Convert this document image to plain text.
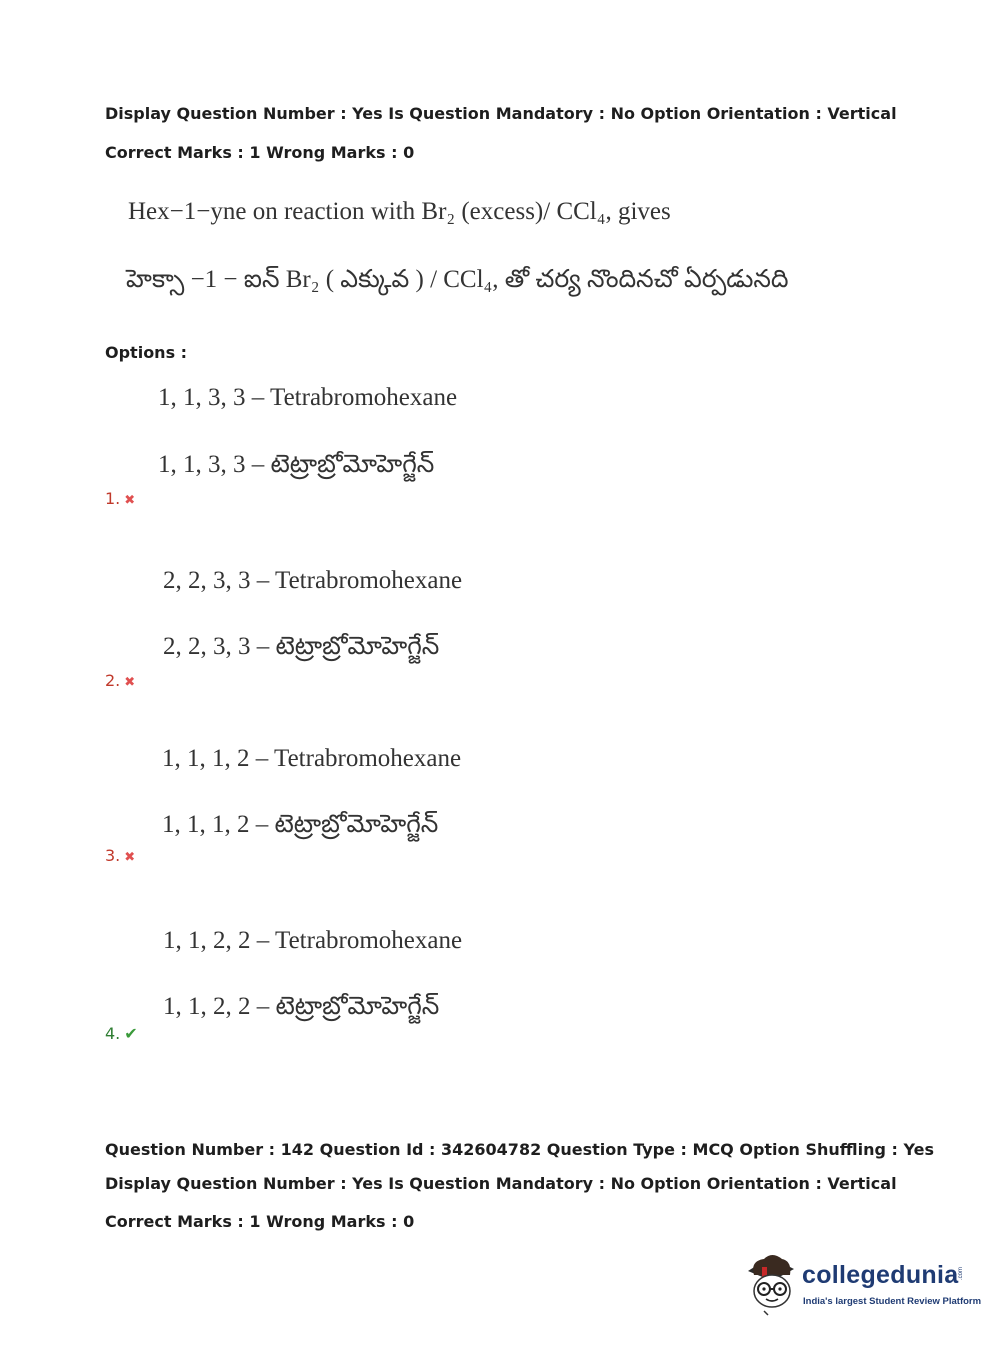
Display Question Number : Yes Is Question Mandatory : No Option Orientation : Vertical
Correct Marks : 1 Wrong Marks : 0
Hex−1−yne on reaction with Br₂ (excess)/ CCl₄, gives
హెక్సా −1 − ఐన్ Br₂ ( ఎక్కువ ) / CCl₄, తో చర్య నొందినచో ఏర్పడునది
Options :
1, 1, 3, 3 – Tetrabromohexane
1, 1, 3, 3 – టెట్రాబ్రోమోహెగ్జేన్
1. ✖
2, 2, 3, 3 – Tetrabromohexane
2, 2, 3, 3 – టెట్రాబ్రోమోహెగ్జేన్
2. ✖
1, 1, 1, 2 – Tetrabromohexane
1, 1, 1, 2 – టెట్రాబ్రోమోహెగ్జేన్
3. ✖
1, 1, 2, 2 – Tetrabromohexane
1, 1, 2, 2 – టెట్రాబ్రోమోహెగ్జేన్
4. ✔
Question Number : 142 Question Id : 342604782 Question Type : MCQ Option Shuffling : Yes
Display Question Number : Yes Is Question Mandatory : No Option Orientation : Vertical
Correct Marks : 1 Wrong Marks : 0
collegedunia .com
India's largest Student Review Platform
